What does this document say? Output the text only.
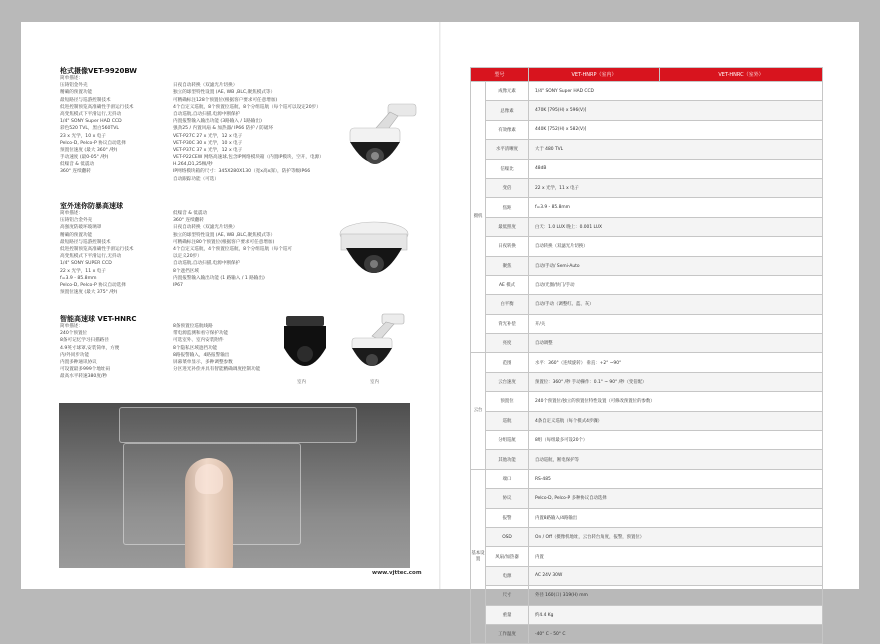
枪式摄像VET-9920BW
简单描述：
压铸铝金外壳
精确的预置功能
最短路径与巡游控制技术
低进控制预览高准确性手滑运行技术
高变焦模式下平滑运行,无抖动
1/4" SONY Super HAD CCD
彩色520 TVL，黑白560TVL
23 x 光学，10 x 电子
Pelco-D, Pelco-P 协议自动选择
预置位速度 (最大 360° /秒)
手动速度 (最0-05° /秒)
低噪音 & 低震动
360° 连续翻转
日夜自动转换（双滤光片切换）
独立的球型特性设置 (AE, WB ,BLC,聚焦模式等）
可精确标注128个预置位(根据客户要求可任意增加)
4个自定义巡航，8个预置位巡航，8个分组巡航（每个巡可以设定20步）
自动巡航,自动扫描,电源中断保护
内置报警输入输出功能 (3路输入 / 1路输出)
强劲25 / 内置风扇 & 加热器/ IP66 防护 / 防破坏
VET-P27C 27 x 光学，12 x 电子
VET-P30C 30 x 光学，10 x 电子
VET-P37C 37 x 光学，12 x 电子
VET-P22CEW 网络高速球,包含IP网络模块箱（内置IP模块，空开，电源）
H.264,D1,25帧/秒
IP网络模块箱的尺寸：345X280X130（宽x高x深），防护等级IP66
自动跟踪功能（可选）
室外迷你防暴高速球
简单描述：
压铸铝合金外壳
高强度防破坏玻璃罩
精确的预置功能
最短路径与巡游控制技术
低进控制预览高准确性手滑运行技术
高变焦模式下平滑运行,无抖动
1/4" SONY SUPER CCD
22 x 光学，11 x 电子
f=3.9 - 85.8mm
Pelco-D, Pelco-P 协议自动选择
预置位速度 (最大 375° /秒)
低噪音 & 低震动
360° 连续翻转
日夜自动转换（双滤光片切换）
独立的球型特性设置 (AE, WB ,BLC,聚焦模式等）
可精确标注80个预置位(根据客户要求可任意增加)
4个自定义巡航，4个预置位巡航，8个分组巡航（每个巡可
以定义20步）
自动巡航,自动扫描,电源中断保护
8个遮挡区域
内置报警输入输出功能 (1 路输入 / 1 路输出)
IP67
智能高速球 VET-HNRC
简单描述：
240个预置位
8条可记忆学习扫描路径
4.9英寸球罩,安装简单，方便
内/外同步功能
内置多种通讯协议
可设置最多999个地址码
最高水平转速380度/秒
8条预置位巡航线路
带电源监测和看守保护功能
可选室外、室内安装附件
8个隐私区域遮挡功能
8路报警输入，4路报警输出
屏幕菜单显示，多种调整参数
分区进光补偿并具有智能精确调度控制功能
室内	室内
www.vjttec.com
型号		VET-HNRP（室内）	VET-HNRC（室外）
摄机	成像元素	1/4" SONY Super HAD CCD	
	总像素	470K [795(H) x 596(V)]	
	有效像素	440K [752(H) x 582(V)]	
	水平清晰度	大于 480 TVL	
	信噪比	48dB	
	变倍	22 x 光学，11 x 电子	
	焦距	f=3.9 - 85.8mm	
	最低照度	白天：1.0 LUX 晚上：0.001 LUX	
	日夜转换	自动转换（双滤光片切换）	
	聚焦	自动/手动/ Semi-Auto	
	AE 模式	自动/光圈/快门/手动	
	白平衡	自动/手动（调整红、蓝、灰）	
	背光补偿	开/关	
	亮度	自动调整	
云台	范围	水平：360°（连续旋转） 垂直：+2° ~90°	
	云台速度	预置位：360° /秒 手动操作：0.1° ~ 90° /秒（变倍配）	
	预置位	240个预置位/独立的预置位特性设置（可修改预置位的参数）	
	巡航	4条自定义巡航（每个模式4步骤）	
	分组巡航	8组（每组最多可设20个）	
	其他功能	自动巡航，断电保护等	
基本设置	端口	RS-485	
	协议	Pelco-D, Pelco-P 多种协议自动选择	
	报警	内置8路输入/4路输出	
	OSD	On / Off（摄像机地址，云台转台角度，报警，预置位）	
	风扇/加热器	内置	
	电源	AC 24V 30W	
	尺寸	外径 160(口) 319(H) mm	
	重量	约4.4 Kg	
	工作温度	-40° C - 50° C	
